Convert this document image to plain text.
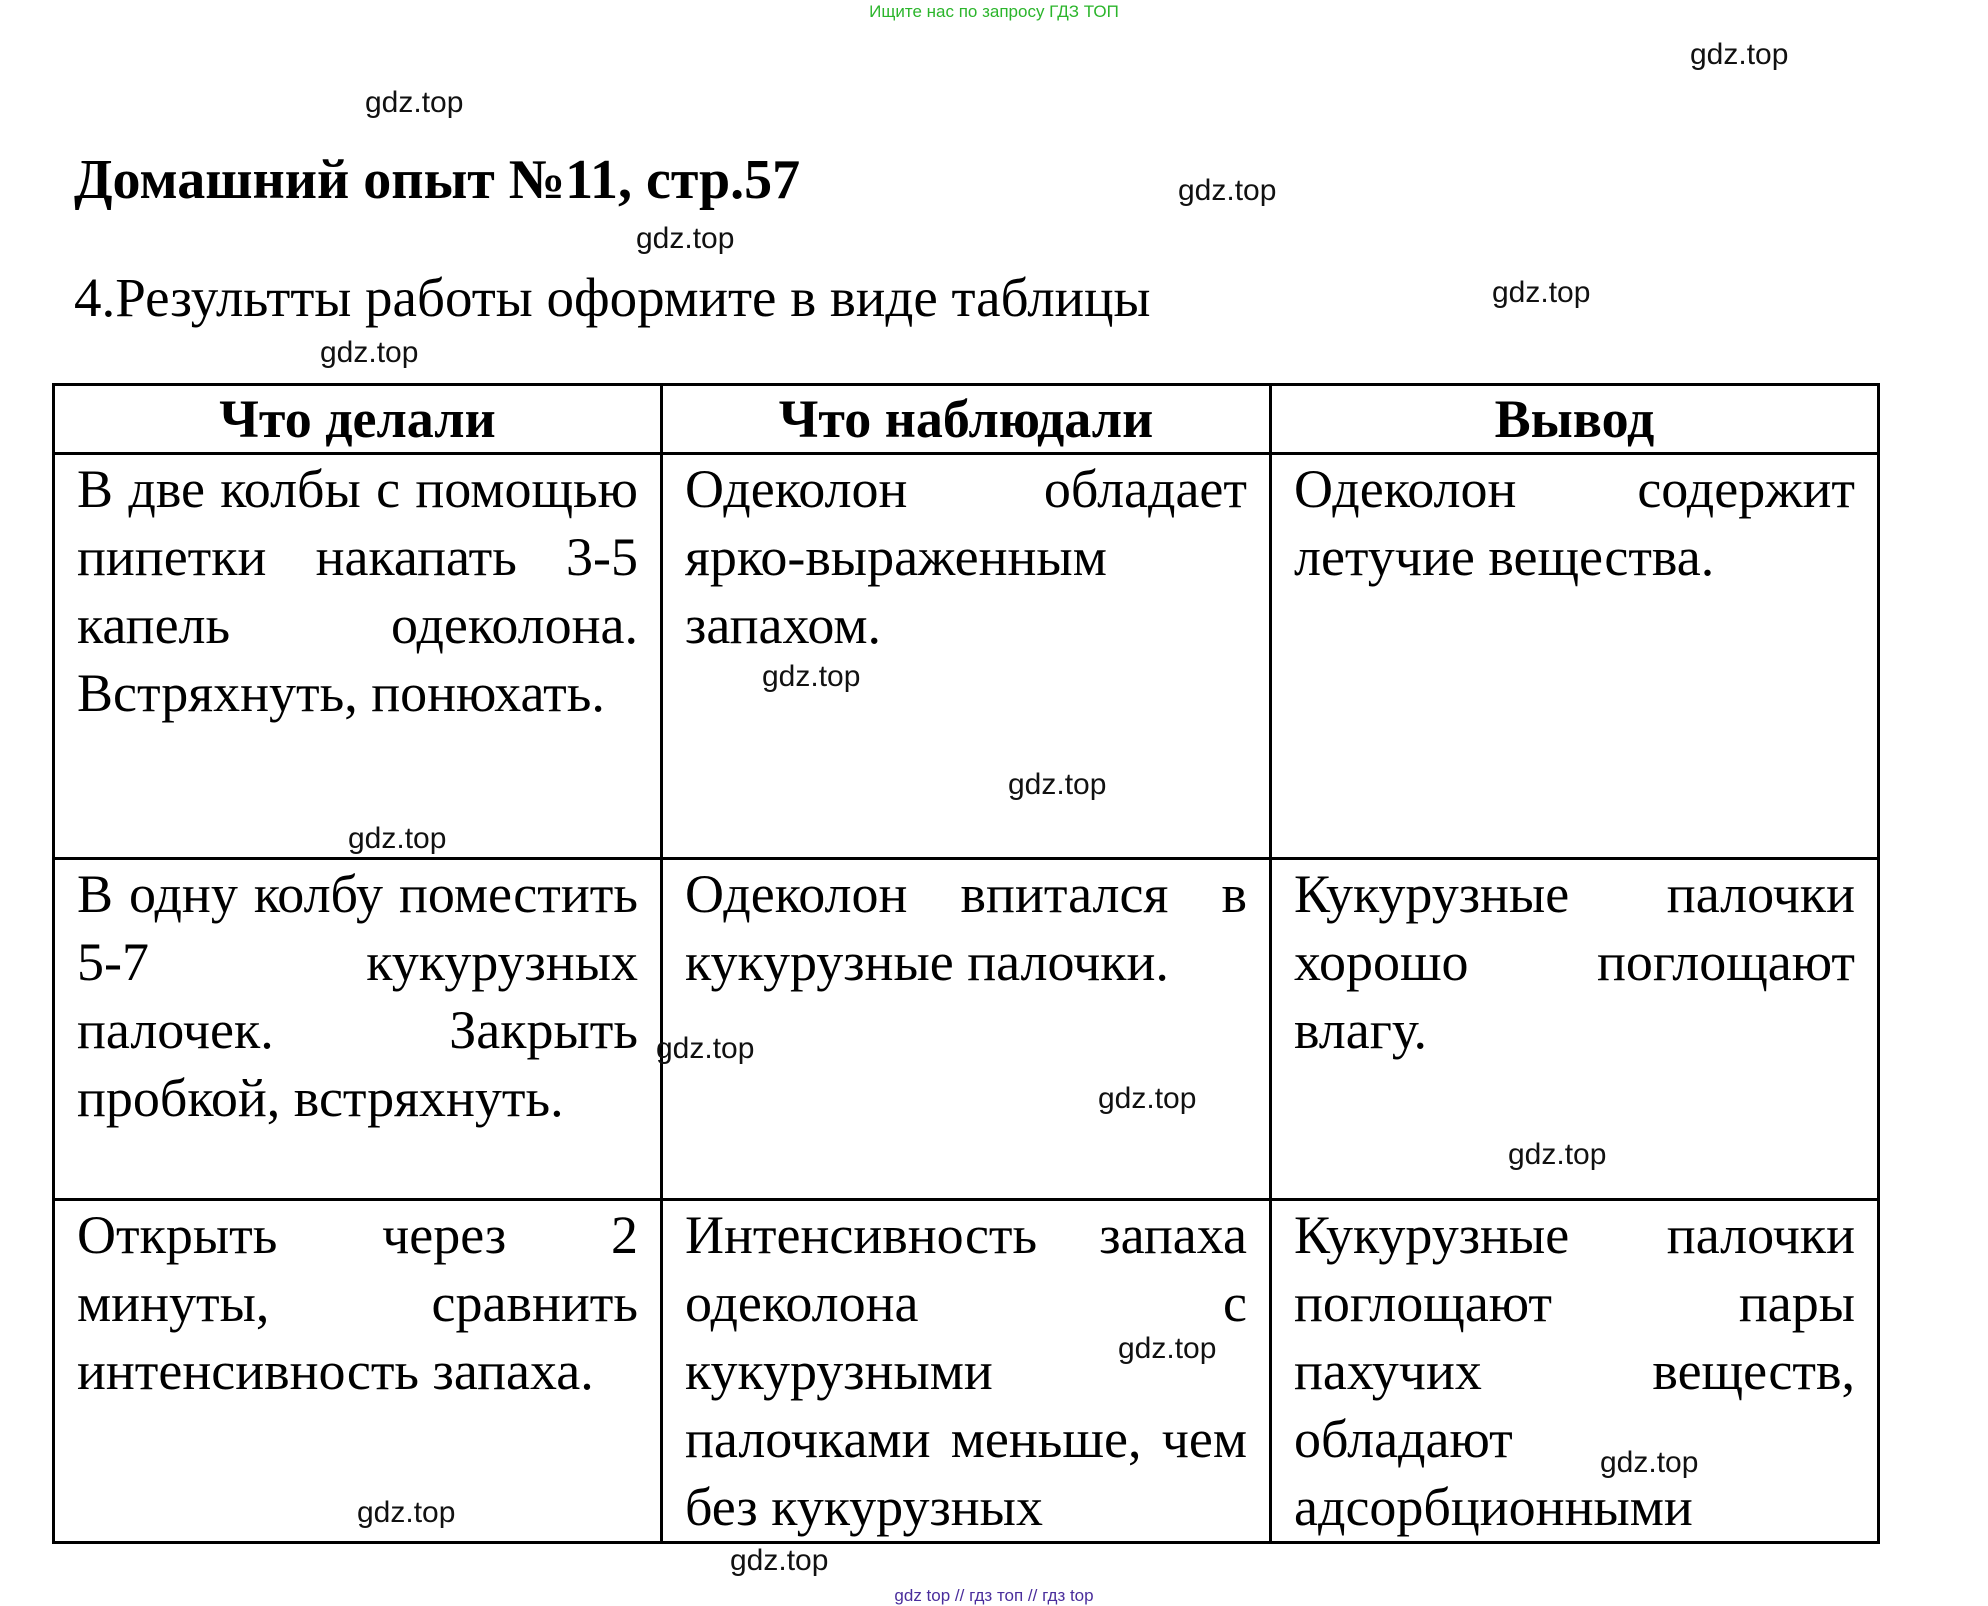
Ищите нас по запросу ГДЗ ТОП
Домашний опыт №11, стр.57
4.Результты работы оформите в виде таблицы
Что делали	Что наблюдали	Вывод

В две колбы с помощью пипетки накапать 3-5 капель одеколона. Встряхнуть, понюхать.	Одеколон обладает ярко-выраженным запахом.	Одеколон содержит летучие вещества.

В одну колбу поместить 5-7 кукурузных палочек. Закрыть пробкой, встряхнуть.	Одеколон впитался в кукурузные палочки.	Кукурузные палочки хорошо поглощают влагу.

Открыть через 2 минуты, сравнить интенсивность запаха.	Интенсивность запаха одеколона с кукурузными палочками меньше, чем без кукурузных	Кукурузные палочки поглощают пары пахучих веществ, обладают адсорбционными
gdz.top
gdz.top
gdz.top
gdz.top
gdz.top
gdz.top
gdz.top
gdz.top
gdz.top
gdz.top
gdz.top
gdz.top
gdz.top
gdz.top
gdz.top
gdz.top
gdz top // гдз топ // гдз top
